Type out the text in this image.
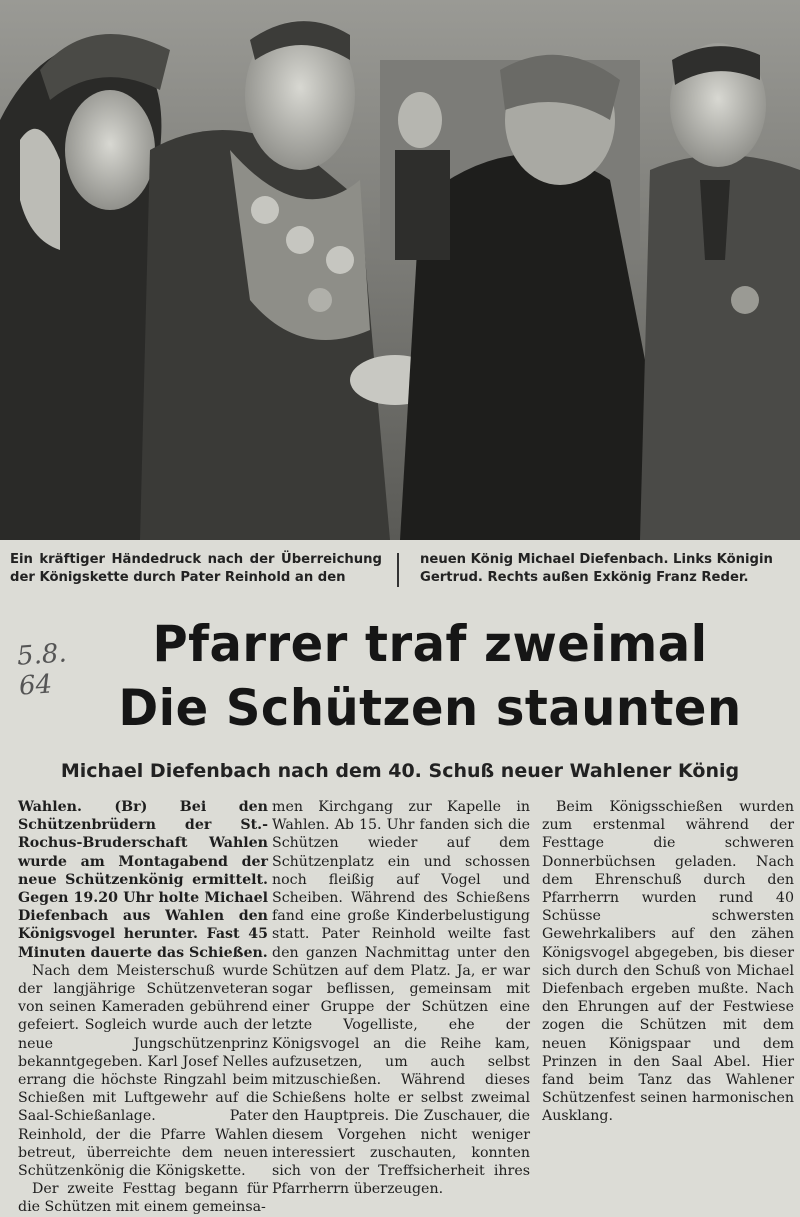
Ein kräftiger Händedruck nach der Überreichung der Königskette durch Pater Reinhold an den

neuen König Michael Diefenbach. Links Königin Gertrud. Rechts außen Exkönig Franz Reder.

5.8.
64
Pfarrer traf zweimal
Die Schützen staunten
Michael Diefenbach nach dem 40. Schuß neuer Wahlener König

Wahlen. (Br) Bei den Schützenbrüdern der St.-Rochus-Bruderschaft Wahlen wurde am Montagabend der neue Schützenkönig ermittelt. Gegen 19.20 Uhr holte Michael Diefenbach aus Wahlen den Königsvogel herunter. Fast 45 Minuten dauerte das Schießen.

Nach dem Meisterschuß wurde der langjährige Schützenveteran von seinen Kameraden gebührend gefeiert. Sogleich wurde auch der neue Jungschützenprinz bekanntgegeben. Karl Josef Nelles errang die höchste Ringzahl beim Schießen mit Luftgewehr auf die Saal-Schießanlage. Pater Reinhold, der die Pfarre Wahlen betreut, überreichte dem neuen Schützenkönig die Königskette.

Der zweite Festtag begann für die Schützen mit einem gemeinsa-

men Kirchgang zur Kapelle in Wahlen. Ab 15. Uhr fanden sich die Schützen wieder auf dem Schützenplatz ein und schossen noch fleißig auf Vogel und Scheiben. Während des Schießens fand eine große Kinderbelustigung statt. Pater Reinhold weilte fast den ganzen Nachmittag unter den Schützen auf dem Platz. Ja, er war sogar beflissen, gemeinsam mit einer Gruppe der Schützen eine letzte Vogelliste, ehe der Königsvogel an die Reihe kam, aufzusetzen, um auch selbst mitzuschießen. Während dieses Schießens holte er selbst zweimal den Hauptpreis. Die Zuschauer, die diesem Vorgehen nicht weniger interessiert zuschauten, konnten sich von der Treffsicherheit ihres Pfarrherrn überzeugen.

Beim Königsschießen wurden zum erstenmal während der Festtage die schweren Donnerbüchsen geladen. Nach dem Ehrenschuß durch den Pfarrherrn wurden rund 40 Schüsse schwersten Gewehrkalibers auf den zähen Königsvogel abgegeben, bis dieser sich durch den Schuß von Michael Diefenbach ergeben mußte. Nach den Ehrungen auf der Festwiese zogen die Schützen mit dem neuen Königspaar und dem Prinzen in den Saal Abel. Hier fand beim Tanz das Wahlener Schützenfest seinen harmonischen Ausklang.
